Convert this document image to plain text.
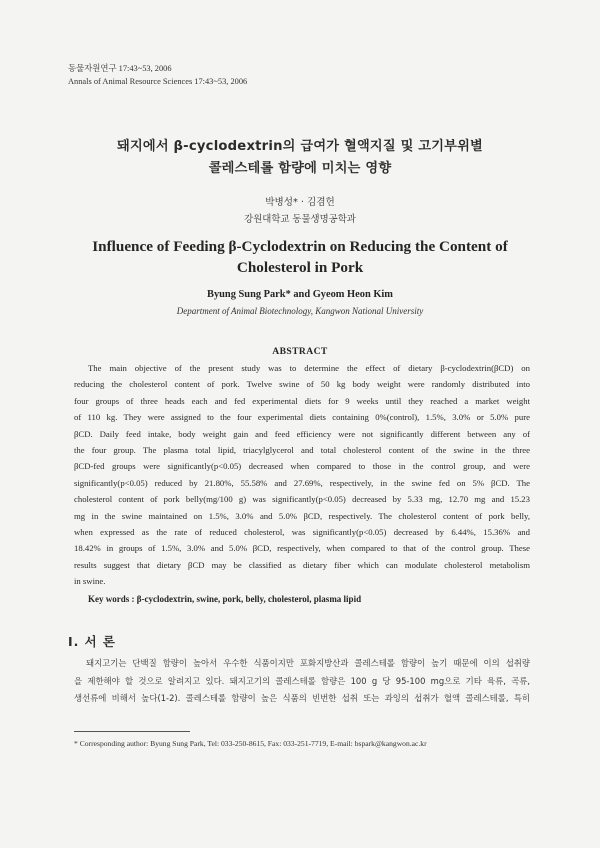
동물자원연구 17:43~53, 2006
Annals of Animal Resource Sciences 17:43~53, 2006
돼지에서 β-cyclodextrin의 급여가 혈액지질 및 고기부위별
콜레스테롤 함량에 미치는 영향
박병성* · 김겸헌
강원대학교 동물생명공학과
Influence of Feeding β-Cyclodextrin on Reducing the Content of
Cholesterol in Pork
Byung Sung Park* and Gyeom Heon Kim
Department of Animal Biotechnology, Kangwon National University
ABSTRACT
The main objective of the present study was to determine the effect of dietary β-cyclodextrin(βCD) on
reducing the cholesterol content of pork. Twelve swine of 50 kg body weight were randomly distributed into
four groups of three heads each and fed experimental diets for 9 weeks until they reached a market weight
of 110 kg. They were assigned to the four experimental diets containing 0%(control), 1.5%, 3.0% or 5.0% pure
βCD. Daily feed intake, body weight gain and feed efficiency were not significantly different between any of
the four group. The plasma total lipid, triacylglycerol and total cholesterol content of the swine in the three
βCD-fed groups were significantly(p<0.05) decreased when compared to those in the control group, and were
significantly(p<0.05) reduced by 21.80%, 55.58% and 27.69%, respectively, in the swine fed on 5% βCD. The
cholesterol content of pork belly(mg/100 g) was significantly(p<0.05) decreased by 5.33 mg, 12.70 mg and 15.23
mg in the swine maintained on 1.5%, 3.0% and 5.0% βCD, respectively. The cholesterol content of pork belly,
when expressed as the rate of reduced cholesterol, was significantly(p<0.05) decreased by 6.44%, 15.36% and
18.42% in groups of 1.5%, 3.0% and 5.0% βCD, respectively, when compared to that of the control group. These
results suggest that dietary βCD may be classified as dietary fiber which can modulate cholesterol metabolism
in swine.
Key words : β-cyclodextrin, swine, pork, belly, cholesterol, plasma lipid
Ⅰ. 서 론
돼지고기는 단백질 함량이 높아서 우수한 식품이지만 포화지방산과 콜레스테롤 함량이 높기 때문에 이의 섭취량
을 제한해야 할 것으로 알려지고 있다. 돼지고기의 콜레스테롤 함량은 100 g 당 95-100 mg으로 기타 육류, 곡류,
생선류에 비해서 높다(1-2). 콜레스테롤 함량이 높은 식품의 빈번한 섭취 또는 과잉의 섭취가 혈액 콜레스테롤, 특히
* Corresponding author: Byung Sung Park, Tel: 033-250-8615, Fax: 033-251-7719, E-mail: bspark@kangwon.ac.kr
